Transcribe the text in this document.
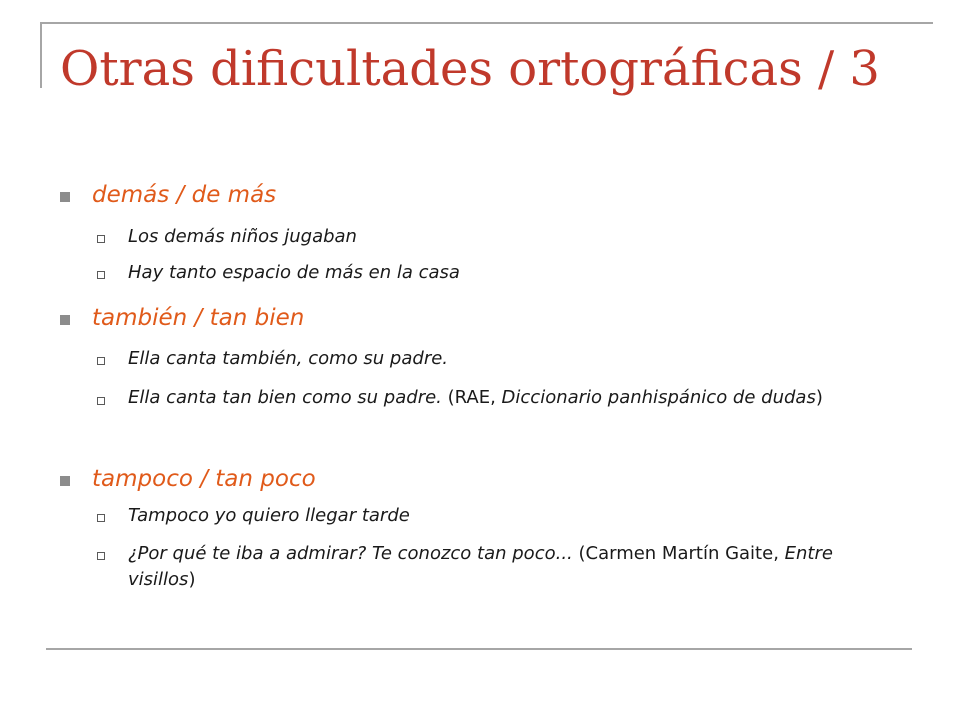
Otras dificultades ortográficas / 3
demás / de más
Los demás niños jugaban
Hay tanto espacio de más en la casa
también / tan bien
Ella canta también, como su padre.
Ella canta tan bien como su padre. (RAE, Diccionario panhispánico de dudas)
tampoco / tan poco
Tampoco yo quiero llegar tarde
¿Por qué te iba a admirar? Te conozco tan poco... (Carmen Martín Gaite, Entre visillos)
